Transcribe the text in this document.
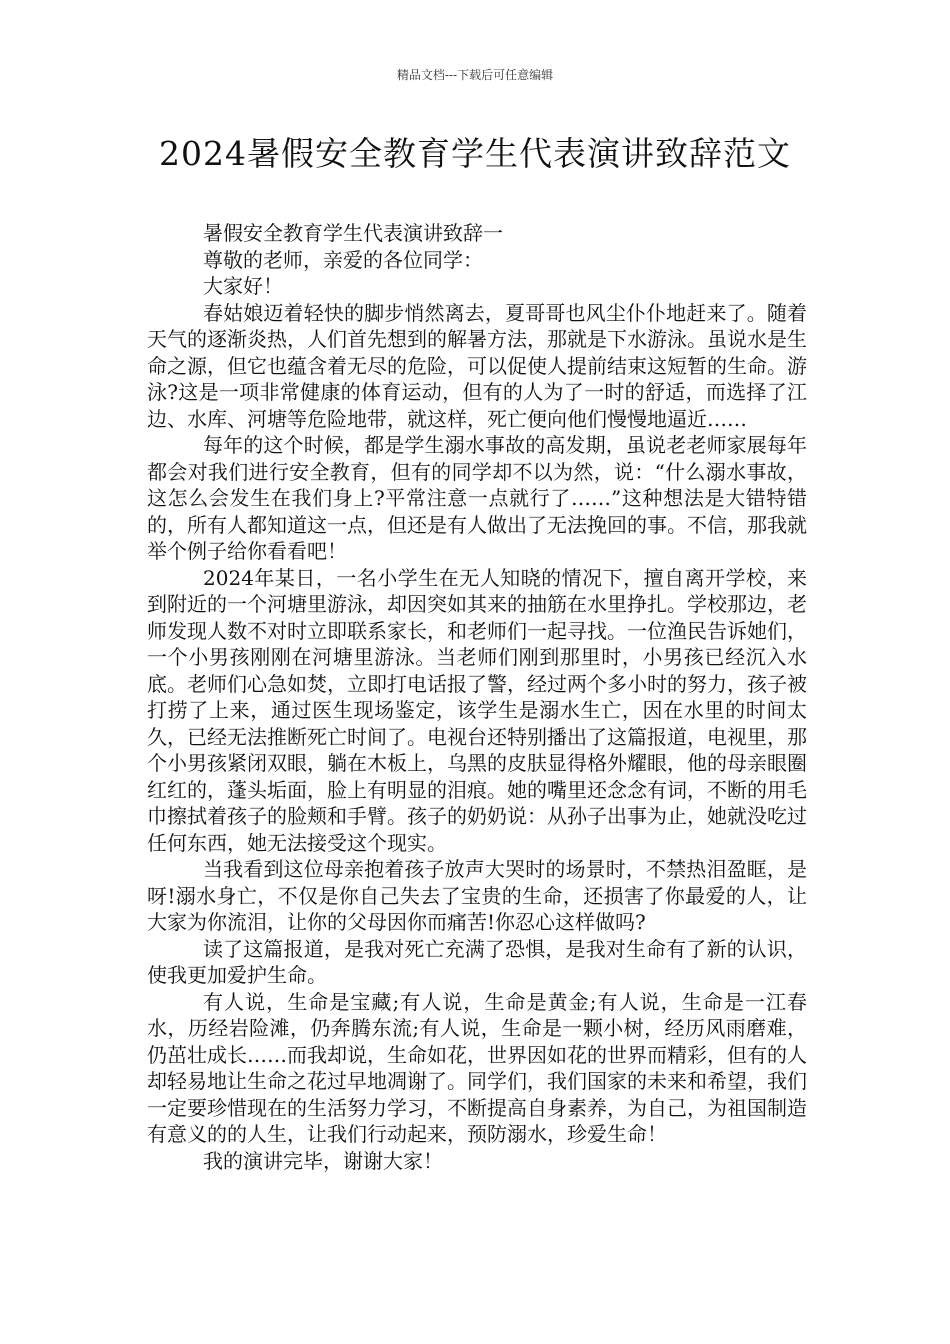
精品文档---下载后可任意编辑
2024暑假安全教育学生代表演讲致辞范文

暑假安全教育学生代表演讲致辞一

尊敬的老师，亲爱的各位同学：

大家好！

春姑娘迈着轻快的脚步悄然离去，夏哥哥也风尘仆仆地赶来了。随着天气的逐渐炎热，人们首先想到的解暑方法，那就是下水游泳。虽说水是生命之源，但它也蕴含着无尽的危险，可以促使人提前结束这短暂的生命。游泳?这是一项非常健康的体育运动，但有的人为了一时的舒适，而选择了江边、水库、河塘等危险地带，就这样，死亡便向他们慢慢地逼近……

每年的这个时候，都是学生溺水事故的高发期，虽说老老师家展每年都会对我们进行安全教育，但有的同学却不以为然，说：“什么溺水事故，这怎么会发生在我们身上?平常注意一点就行了……”这种想法是大错特错的，所有人都知道这一点，但还是有人做出了无法挽回的事。不信，那我就举个例子给你看看吧！

2024年某日，一名小学生在无人知晓的情况下，擅自离开学校，来到附近的一个河塘里游泳，却因突如其来的抽筋在水里挣扎。学校那边，老师发现人数不对时立即联系家长，和老师们一起寻找。一位渔民告诉她们，一个小男孩刚刚在河塘里游泳。当老师们刚到那里时，小男孩已经沉入水底。老师们心急如焚，立即打电话报了警，经过两个多小时的努力，孩子被打捞了上来，通过医生现场鉴定，该学生是溺水生亡，因在水里的时间太久，已经无法推断死亡时间了。电视台还特别播出了这篇报道，电视里，那个小男孩紧闭双眼，躺在木板上，乌黑的皮肤显得格外耀眼，他的母亲眼圈红红的，蓬头垢面，脸上有明显的泪痕。她的嘴里还念念有词，不断的用毛巾擦拭着孩子的脸颊和手臂。孩子的奶奶说：从孙子出事为止，她就没吃过任何东西，她无法接受这个现实。

当我看到这位母亲抱着孩子放声大哭时的场景时，不禁热泪盈眶，是呀!溺水身亡，不仅是你自己失去了宝贵的生命，还损害了你最爱的人，让大家为你流泪，让你的父母因你而痛苦!你忍心这样做吗?

读了这篇报道，是我对死亡充满了恐惧，是我对生命有了新的认识，使我更加爱护生命。

有人说，生命是宝藏;有人说，生命是黄金;有人说，生命是一江春水，历经岩险滩，仍奔腾东流;有人说，生命是一颗小树，经历风雨磨难，仍茁壮成长……而我却说，生命如花，世界因如花的世界而精彩，但有的人却轻易地让生命之花过早地凋谢了。同学们，我们国家的未来和希望，我们一定要珍惜现在的生活努力学习，不断提高自身素养，为自己，为祖国制造有意义的的人生，让我们行动起来，预防溺水，珍爱生命！

我的演讲完毕，谢谢大家！
